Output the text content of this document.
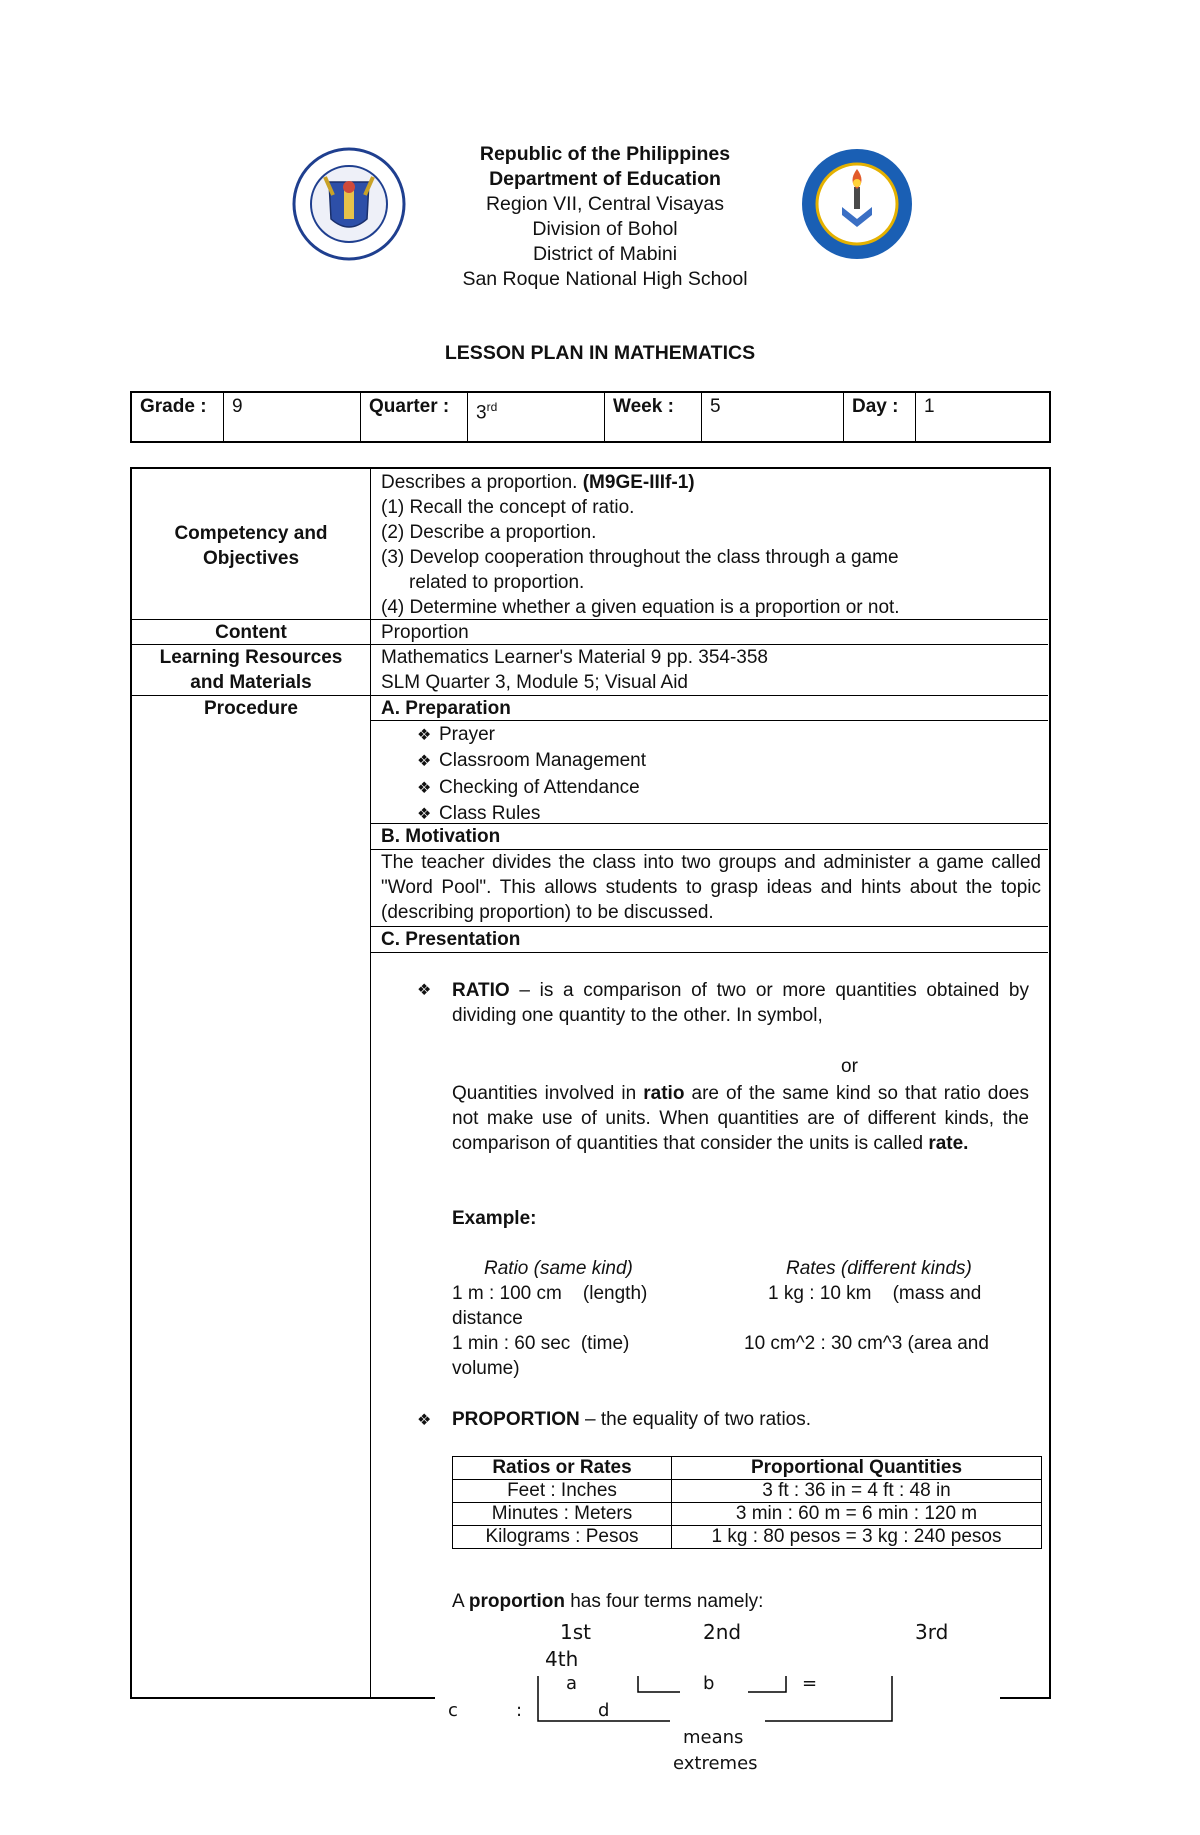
Republic of the Philippines
Department of Education
Region VII, Central Visayas
Division of Bohol
District of Mabini
San Roque National High School
LESSON PLAN IN MATHEMATICS
Grade :	9	Quarter :	3rd	Week :	5	Day :	1
Competency and
Objectives
Describes a proportion. (M9GE-IIIf-1)
(1) Recall the concept of ratio.
(2) Describe a proportion.
(3) Develop cooperation throughout the class through a game
related to proportion.
(4) Determine whether a given equation is a proportion or not.
Content	Proportion
Learning Resources
and Materials
Mathematics Learner's Material 9 pp. 354-358
SLM Quarter 3, Module 5; Visual Aid
Procedure	A. Preparation
❖ Prayer
❖ Classroom Management
❖ Checking of Attendance
❖ Class Rules
B. Motivation
The teacher divides the class into two groups and administer a game called "Word Pool". This allows students to grasp ideas and hints about the topic (describing proportion) to be discussed.
C. Presentation
❖	RATIO – is a comparison of two or more quantities obtained by dividing one quantity to the other. In symbol,
or
Quantities involved in ratio are of the same kind so that ratio does not make use of units. When quantities are of different kinds, the comparison of quantities that consider the units is called rate.
Example:
Ratio (same kind)	Rates (different kinds)
1 m : 100 cm    (length)	1 kg : 10 km    (mass and
distance
1 min : 60 sec  (time)	10 cm^2 : 30 cm^3 (area and
volume)
❖ PROPORTION – the equality of two ratios.
Ratios or Rates	Proportional Quantities
Feet : Inches	3 ft : 36 in = 4 ft : 48 in
Minutes : Meters	3 min : 60 m = 6 min : 120 m
Kilograms : Pesos	1 kg : 80 pesos = 3 kg : 240 pesos
A proportion has four terms namely:
1st	2nd	3rd
4th
a	b	=
c	:	d
means
extremes
